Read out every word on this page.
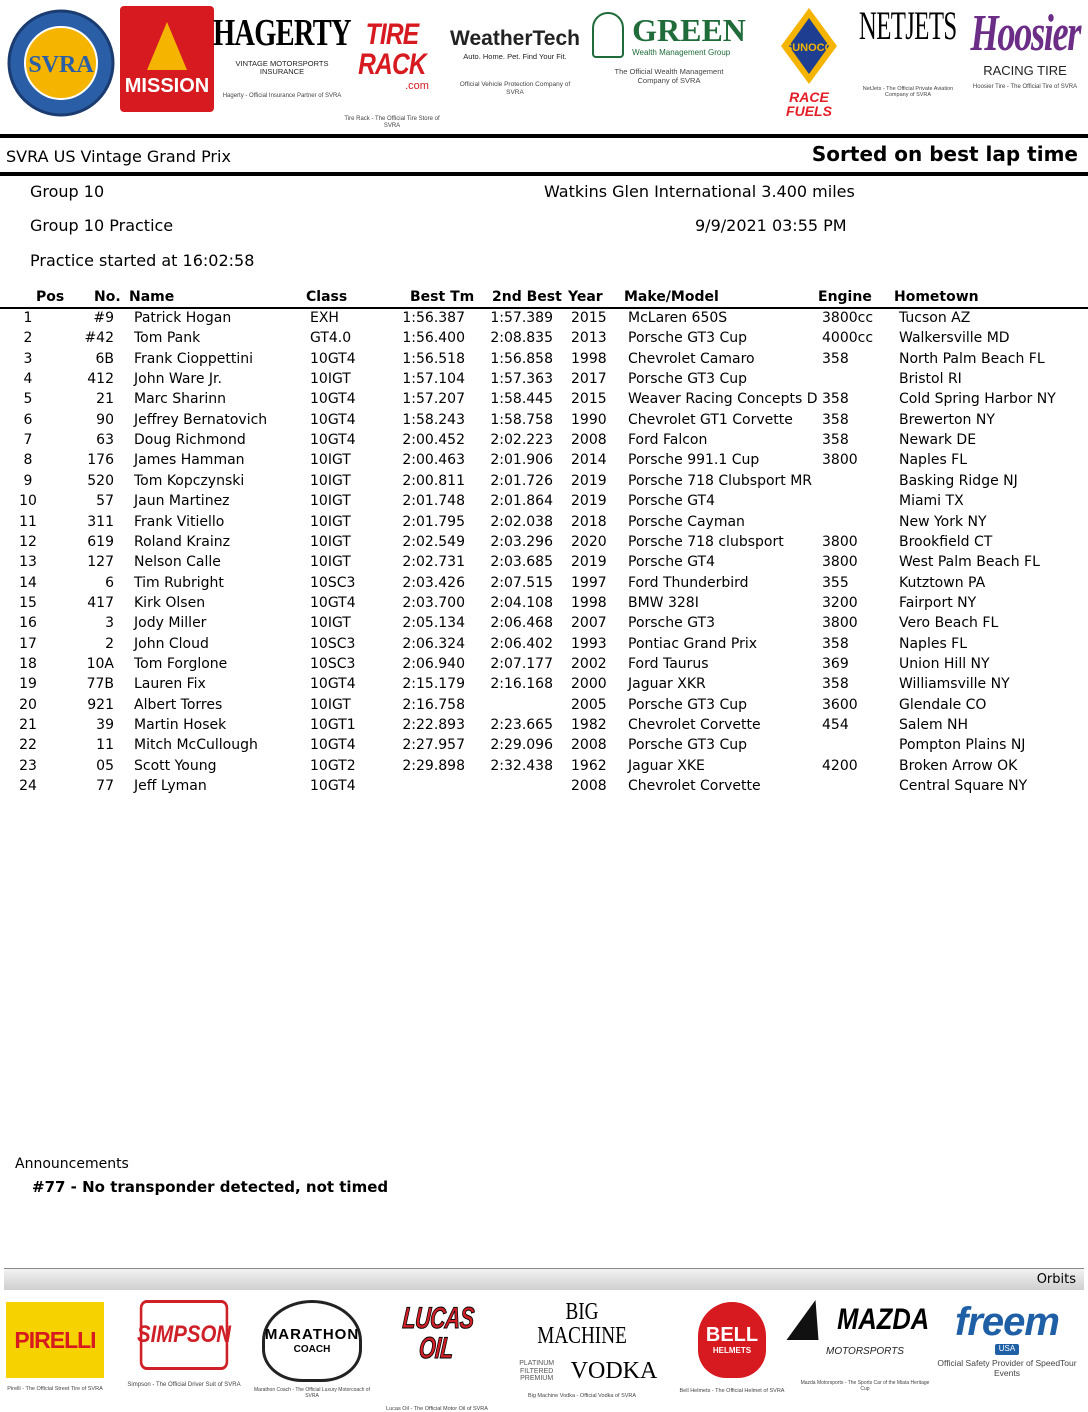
SVRA
MISSION
HAGERTY
VINTAGE MOTORSPORTS INSURANCE
Hagerty - Official Insurance Partner of SVRA
TIRE RACK
.com
Tire Rack - The Official Tire Store of SVRA
WeatherTech
Auto. Home. Pet. Find Your Fit.
Official Vehicle Protection Company of SVRA
GREEN
Wealth Management Group
The Official Wealth Management Company of SVRA
SUNOCO
RACE FUELS
NETJETS
NetJets - The Official Private Aviation Company of SVRA
Hoosier
RACING TIRE
Hoosier Tire - The Official Tire of SVRA
SVRA US Vintage Grand Prix	Sorted on best lap time
Group 10	Watkins Glen International 3.400 miles
Group 10 Practice	9/9/2021 03:55 PM
Practice started at 16:02:58
Pos No. Name	Class	Best Tm 2nd Best Year Make/Model	Engine Hometown
1	#9 Patrick Hogan	EXH	1:56.387	1:57.389 2015 McLaren 650S	3800cc Tucson AZ
2	#42 Tom Pank	GT4.0	1:56.400	2:08.835 2013 Porsche GT3 Cup	4000cc Walkersville MD
3	6B Frank Cioppettini	10GT4	1:56.518	1:56.858 1998 Chevrolet Camaro	358	North Palm Beach FL
4	412 John Ware Jr.	10IGT	1:57.104	1:57.363 2017 Porsche GT3 Cup	Bristol RI
5	21 Marc Sharinn	10GT4	1:57.207	1:58.445 2015 Weaver Racing Concepts D 358	Cold Spring Harbor NY
6	90 Jeffrey Bernatovich	10GT4	1:58.243	1:58.758 1990 Chevrolet GT1 Corvette 358	Brewerton NY
7	63 Doug Richmond	10GT4	2:00.452	2:02.223 2008 Ford Falcon	358	Newark DE
8	176 James Hamman	10IGT	2:00.463	2:01.906 2014 Porsche 991.1 Cup	3800	Naples FL
9	520 Tom Kopczynski	10IGT	2:00.811	2:01.726 2019 Porsche 718 Clubsport MR	Basking Ridge NJ
10	57 Jaun Martinez	10IGT	2:01.748	2:01.864 2019 Porsche GT4	Miami TX
11	311 Frank Vitiello	10IGT	2:01.795	2:02.038 2018 Porsche Cayman	New York NY
12	619 Roland Krainz	10IGT	2:02.549	2:03.296 2020 Porsche 718 clubsport	3800	Brookfield CT
13	127 Nelson Calle	10IGT	2:02.731	2:03.685 2019 Porsche GT4	3800	West Palm Beach FL
14	6 Tim Rubright	10SC3	2:03.426	2:07.515 1997 Ford Thunderbird	355	Kutztown PA
15	417 Kirk Olsen	10GT4	2:03.700	2:04.108 1998 BMW 328I	3200	Fairport NY
16	3 Jody Miller	10IGT	2:05.134	2:06.468 2007 Porsche GT3	3800	Vero Beach FL
17	2 John Cloud	10SC3	2:06.324	2:06.402 1993 Pontiac Grand Prix	358	Naples FL
18	10A Tom Forglone	10SC3	2:06.940	2:07.177 2002 Ford Taurus	369	Union Hill NY
19	77B Lauren Fix	10GT4	2:15.179	2:16.168 2000 Jaguar XKR	358	Williamsville NY
20	921 Albert Torres	10IGT	2:16.758	2005 Porsche GT3 Cup	3600	Glendale CO
21	39 Martin Hosek	10GT1	2:22.893	2:23.665 1982 Chevrolet Corvette	454	Salem NH
22	11 Mitch McCullough	10GT4	2:27.957	2:29.096 2008 Porsche GT3 Cup	Pompton Plains NJ
23	05 Scott Young	10GT2	2:29.898	2:32.438 1962 Jaguar XKE	4200	Broken Arrow OK
24	77 Jeff Lyman	10GT4	2008 Chevrolet Corvette	Central Square NY
Announcements
#77 - No transponder detected, not timed
Orbits
PIRELLI
Pirelli - The Official Street Tire of SVRA
SIMPSON
Simpson - The Official Driver Suit of SVRA
MARATHON
COACH
Marathon Coach - The Official Luxury Motorcoach of SVRA
LUCAS OIL
Lucas Oil - The Official Motor Oil of SVRA
BIG MACHINE
PLATINUM FILTERED PREMIUM VODKA
Big Machine Vodka - Official Vodka of SVRA
BELL
HELMETS
Bell Helmets - The Official Helmet of SVRA
MAZDA
MOTORSPORTS
Mazda Motorsports - The Sports Car of the Miata Heritage Cup
freem
USA
Official Safety Provider of SpeedTour Events
